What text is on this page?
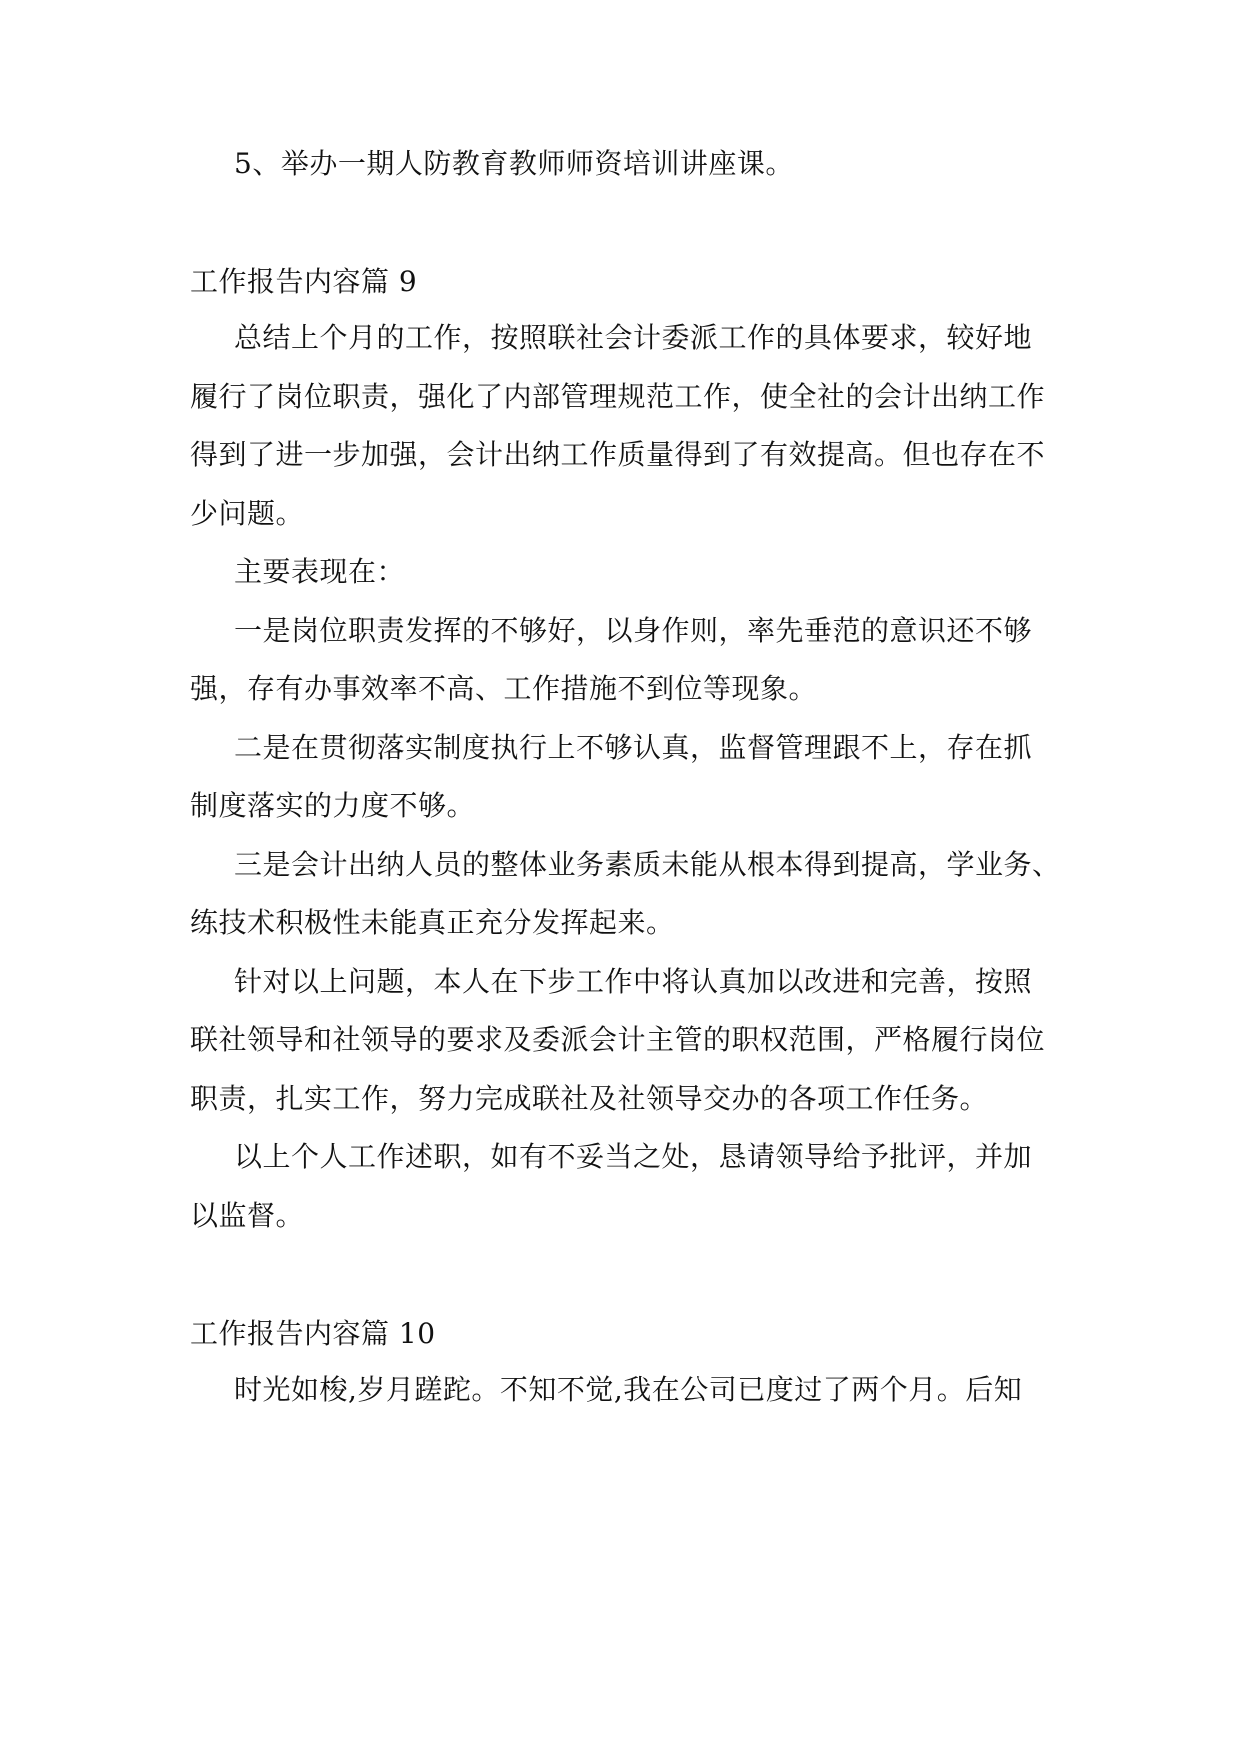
5、举办一期人防教育教师师资培训讲座课。
工作报告内容篇 9
总结上个月的工作，按照联社会计委派工作的具体要求，较好地
履行了岗位职责，强化了内部管理规范工作，使全社的会计出纳工作
得到了进一步加强，会计出纳工作质量得到了有效提高。但也存在不
少问题。
主要表现在：
一是岗位职责发挥的不够好，以身作则，率先垂范的意识还不够
强，存有办事效率不高、工作措施不到位等现象。
二是在贯彻落实制度执行上不够认真，监督管理跟不上，存在抓
制度落实的力度不够。
三是会计出纳人员的整体业务素质未能从根本得到提高，学业务、
练技术积极性未能真正充分发挥起来。
针对以上问题，本人在下步工作中将认真加以改进和完善，按照
联社领导和社领导的要求及委派会计主管的职权范围，严格履行岗位
职责，扎实工作，努力完成联社及社领导交办的各项工作任务。
以上个人工作述职，如有不妥当之处，恳请领导给予批评，并加
以监督。
工作报告内容篇 10
时光如梭,岁月蹉跎。不知不觉,我在公司已度过了两个月。后知
